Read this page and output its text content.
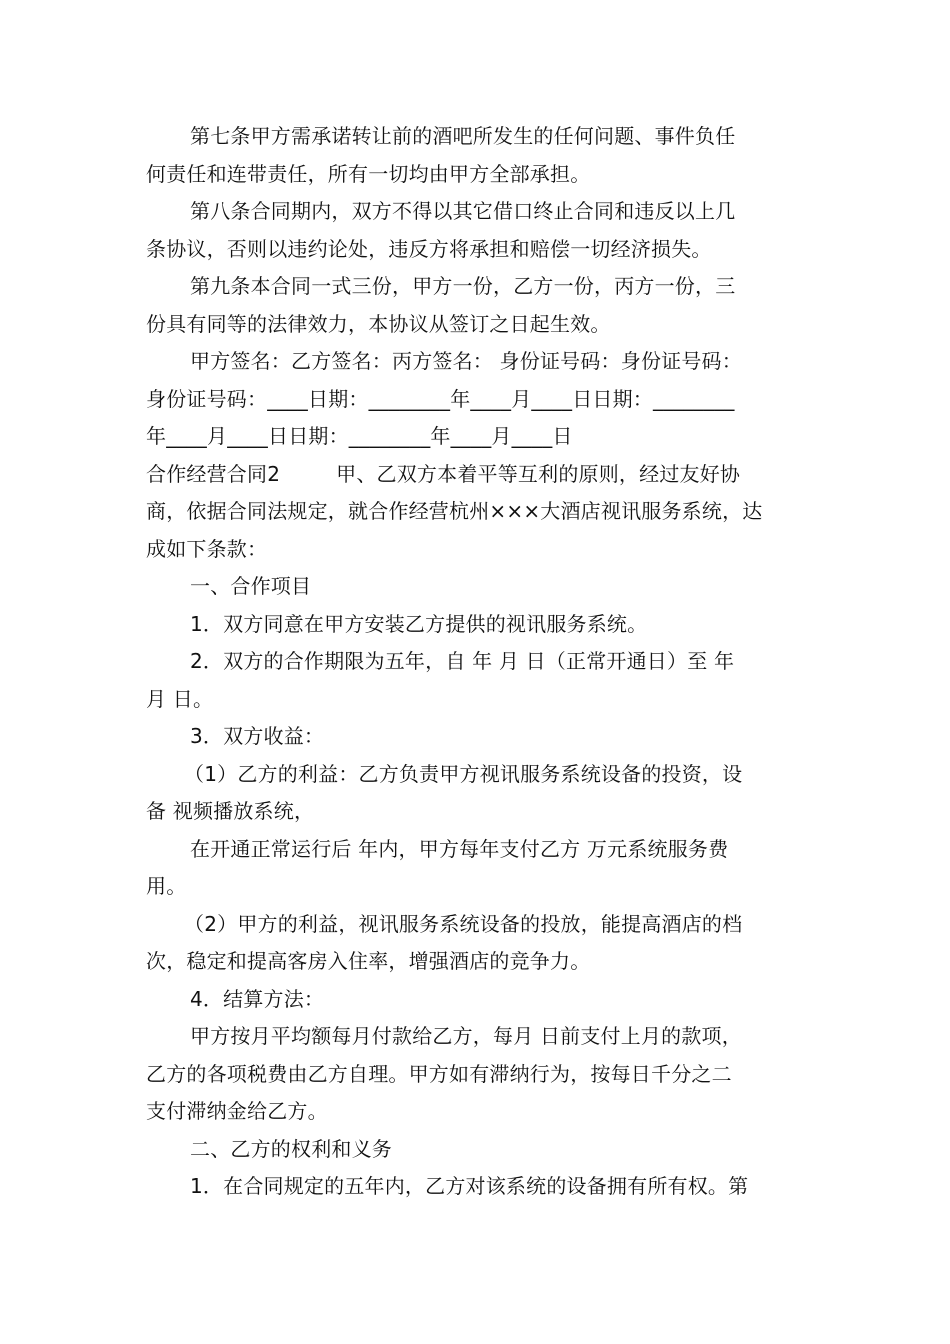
第七条甲方需承诺转让前的酒吧所发生的任何问题、事件负任
何责任和连带责任，所有一切均由甲方全部承担。
第八条合同期内，双方不得以其它借口终止合同和违反以上几
条协议，否则以违约论处，违反方将承担和赔偿一切经济损失。
第九条本合同一式三份，甲方一份，乙方一份，丙方一份，三
份具有同等的法律效力，本协议从签订之日起生效。
甲方签名：乙方签名：丙方签名： 身份证号码：身份证号码：
身份证号码：____日期：________年____月____日日期：________
年____月____日日期：________年____月____日
合作经营合同2	甲、乙双方本着平等互利的原则，经过友好协
商，依据合同法规定，就合作经营杭州×××大酒店视讯服务系统，达
成如下条款：
一、合作项目
1．双方同意在甲方安装乙方提供的视讯服务系统。
2．双方的合作期限为五年，自 年 月 日（正常开通日）至 年
月 日。
3．双方收益：
（1）乙方的利益：乙方负责甲方视讯服务系统设备的投资，设
备 视频播放系统，
在开通正常运行后 年内，甲方每年支付乙方 万元系统服务费
用。
（2）甲方的利益，视讯服务系统设备的投放，能提高酒店的档
次，稳定和提高客房入住率，增强酒店的竞争力。
4．结算方法：
甲方按月平均额每月付款给乙方，每月 日前支付上月的款项，
乙方的各项税费由乙方自理。甲方如有滞纳行为，按每日千分之二
支付滞纳金给乙方。
二、乙方的权利和义务
1．在合同规定的五年内，乙方对该系统的设备拥有所有权。第
